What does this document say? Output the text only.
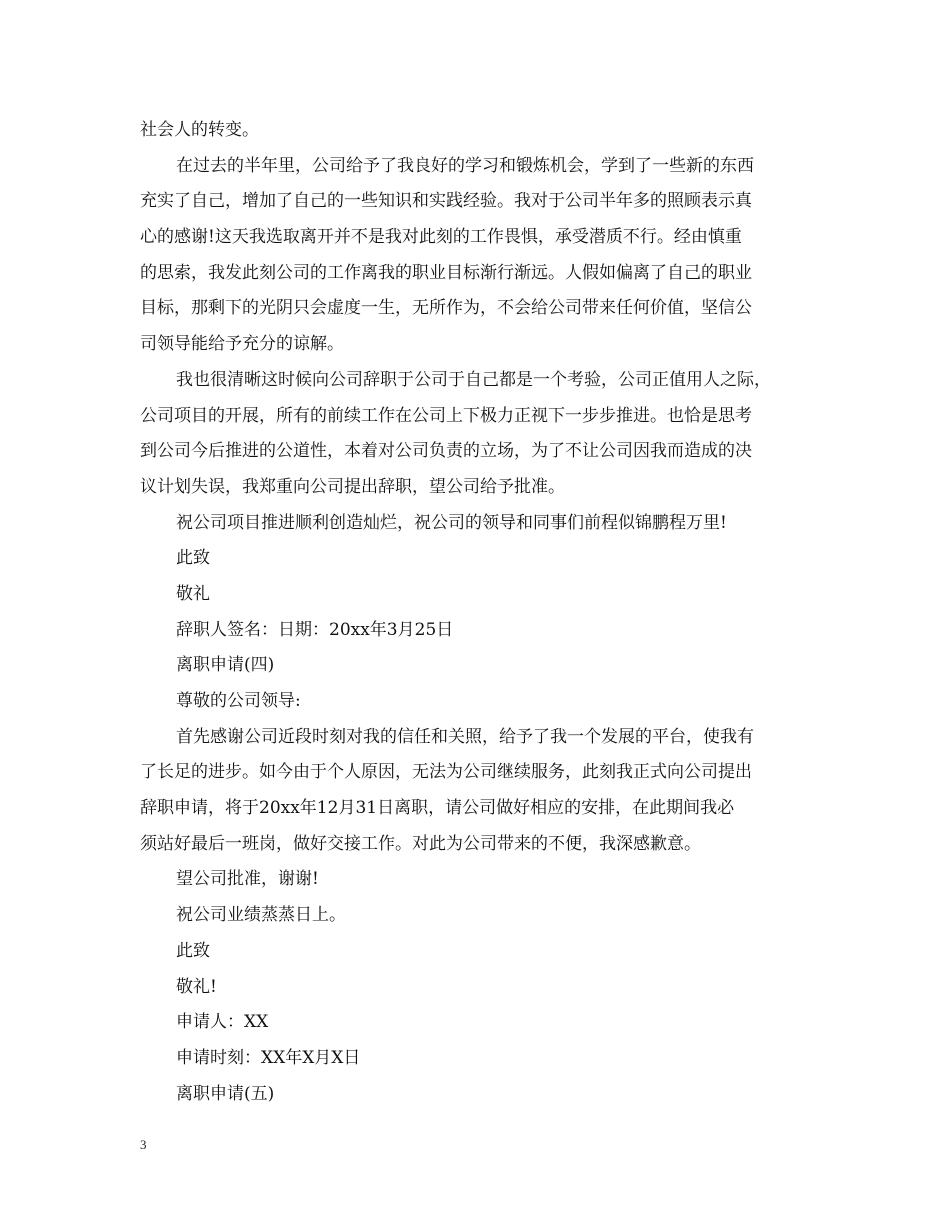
社会人的转变。
在过去的半年里，公司给予了我良好的学习和锻炼机会，学到了一些新的东西
充实了自己，增加了自己的一些知识和实践经验。我对于公司半年多的照顾表示真
心的感谢!这天我选取离开并不是我对此刻的工作畏惧，承受潜质不行。经由慎重
的思索，我发此刻公司的工作离我的职业目标渐行渐远。人假如偏离了自己的职业
目标，那剩下的光阴只会虚度一生，无所作为，不会给公司带来任何价值，坚信公
司领导能给予充分的谅解。
我也很清晰这时候向公司辞职于公司于自己都是一个考验，公司正值用人之际，
公司项目的开展，所有的前续工作在公司上下极力正视下一步步推进。也恰是思考
到公司今后推进的公道性，本着对公司负责的立场，为了不让公司因我而造成的决
议计划失误，我郑重向公司提出辞职，望公司给予批准。
祝公司项目推进顺利创造灿烂，祝公司的领导和同事们前程似锦鹏程万里!
此致
敬礼
辞职人签名：日期：20xx年3月25日
离职申请(四)
尊敬的公司领导:
首先感谢公司近段时刻对我的信任和关照，给予了我一个发展的平台，使我有
了长足的进步。如今由于个人原因，无法为公司继续服务，此刻我正式向公司提出
辞职申请，将于20xx年12月31日离职，请公司做好相应的安排，在此期间我必
须站好最后一班岗，做好交接工作。对此为公司带来的不便，我深感歉意。
望公司批准，谢谢!
祝公司业绩蒸蒸日上。
此致
敬礼!
申请人：XX
申请时刻：XX年X月X日
离职申请(五)
3
